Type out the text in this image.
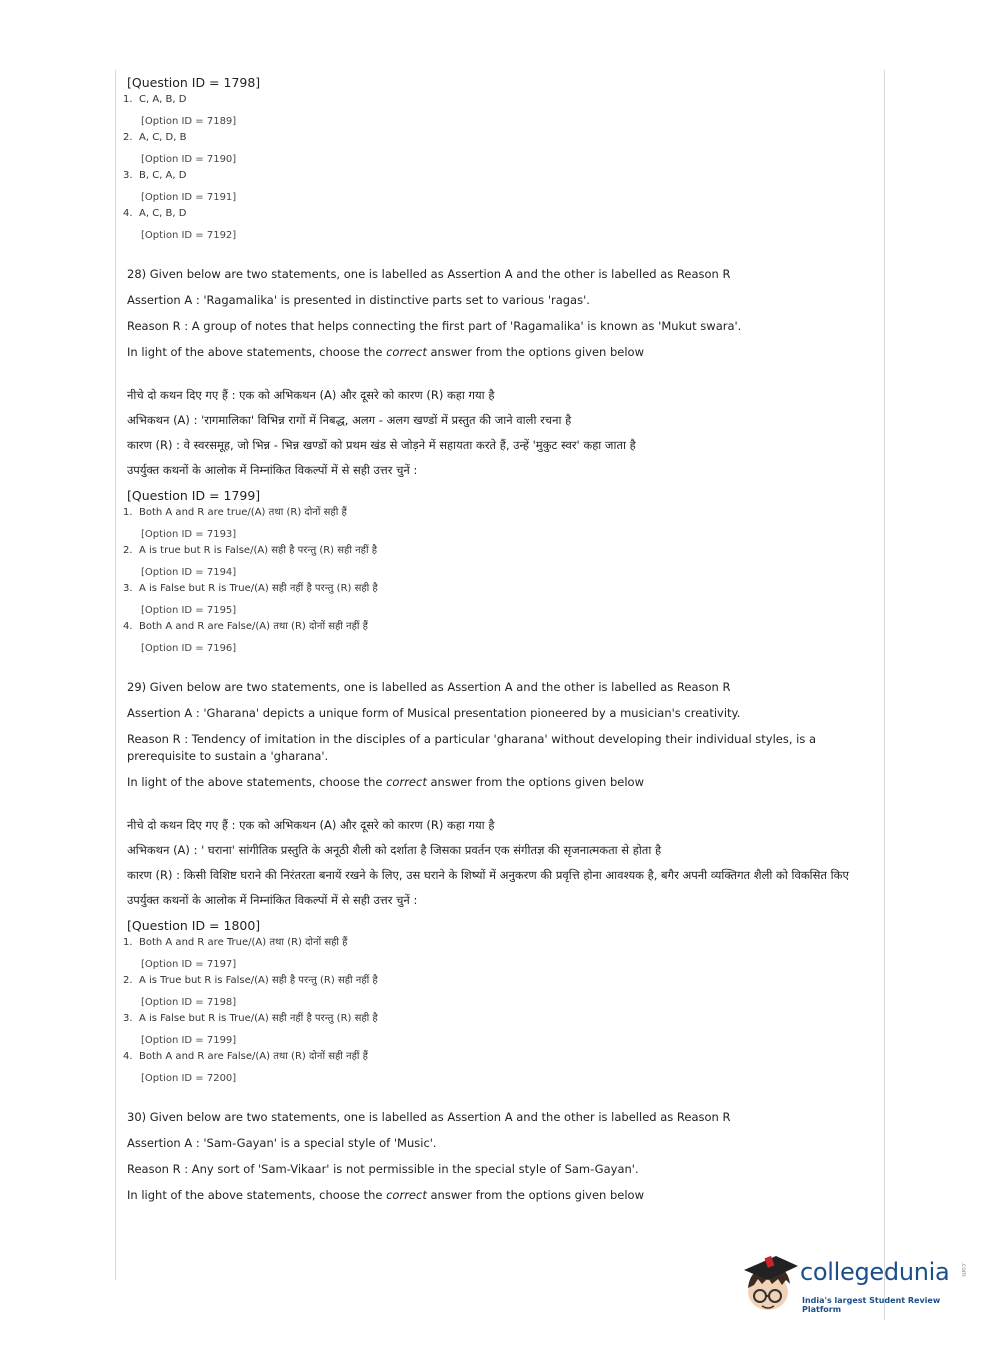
[Question ID = 1798]
1. C, A, B, D
[Option ID = 7189]
2. A, C, D, B
[Option ID = 7190]
3. B, C, A, D
[Option ID = 7191]
4. A, C, B, D
[Option ID = 7192]
28) Given below are two statements, one is labelled as Assertion A and the other is labelled as Reason R
Assertion A : 'Ragamalika' is presented in distinctive parts set to various 'ragas'.
Reason R : A group of notes that helps connecting the first part of 'Ragamalika' is known as 'Mukut swara'.
In light of the above statements, choose the correct answer from the options given below
नीचे दो कथन दिए गए हैं : एक को अभिकथन (A) और दूसरे को कारण (R) कहा गया है
अभिकथन (A) : 'रागमालिका' विभिन्न रागों में निबद्ध, अलग - अलग खण्डों में प्रस्तुत की जाने वाली रचना है
कारण (R) : वे स्वरसमूह, जो भिन्न - भिन्न खण्डों को प्रथम खंड से जोड़ने में सहायता करते हैं, उन्हें 'मुकुट स्वर' कहा जाता है
उपर्युक्त कथनों के आलोक में निम्नांकित विकल्पों में से सही उत्तर चुनें :
[Question ID = 1799]
1. Both A and R are true/(A) तथा (R) दोनों सही हैं
[Option ID = 7193]
2. A is true but R is False/(A) सही है परन्तु (R) सही नहीं है
[Option ID = 7194]
3. A is False but R is True/(A) सही नहीं है परन्तु (R) सही है
[Option ID = 7195]
4. Both A and R are False/(A) तथा (R) दोनों सही नहीं हैं
[Option ID = 7196]
29) Given below are two statements, one is labelled as Assertion A and the other is labelled as Reason R
Assertion A : 'Gharana' depicts a unique form of Musical presentation pioneered by a musician's creativity.
Reason R : Tendency of imitation in the disciples of a particular 'gharana' without developing their individual styles, is a prerequisite to sustain a 'gharana'.
In light of the above statements, choose the correct answer from the options given below
नीचे दो कथन दिए गए हैं : एक को अभिकथन (A) और दूसरे को कारण (R) कहा गया है
अभिकथन (A) : ' घराना' सांगीतिक प्रस्तुति के अनूठी शैली को दर्शाता है जिसका प्रवर्तन एक संगीतज्ञ की सृजनात्मकता से होता है
कारण (R) : किसी विशिष्ट घराने की निरंतरता बनायें रखने के लिए, उस घराने के शिष्यों में अनुकरण की प्रवृत्ति होना आवश्यक है, बगैर अपनी व्यक्तिगत शैली को विकसित किए
उपर्युक्त कथनों के आलोक में निम्नांकित विकल्पों में से सही उत्तर चुनें :
[Question ID = 1800]
1. Both A and R are True/(A) तथा (R) दोनों सही हैं
[Option ID = 7197]
2. A is True but R is False/(A) सही है परन्तु (R) सही नहीं है
[Option ID = 7198]
3. A is False but R is True/(A) सही नहीं है परन्तु (R) सही है
[Option ID = 7199]
4. Both A and R are False/(A) तथा (R) दोनों सही नहीं हैं
[Option ID = 7200]
30) Given below are two statements, one is labelled as Assertion A and the other is labelled as Reason R
Assertion A : 'Sam-Gayan' is a special style of 'Music'.
Reason R : Any sort of 'Sam-Vikaar' is not permissible in the special style of Sam-Gayan'.
In light of the above statements, choose the correct answer from the options given below
collegedunia .com
India's largest Student Review Platform
